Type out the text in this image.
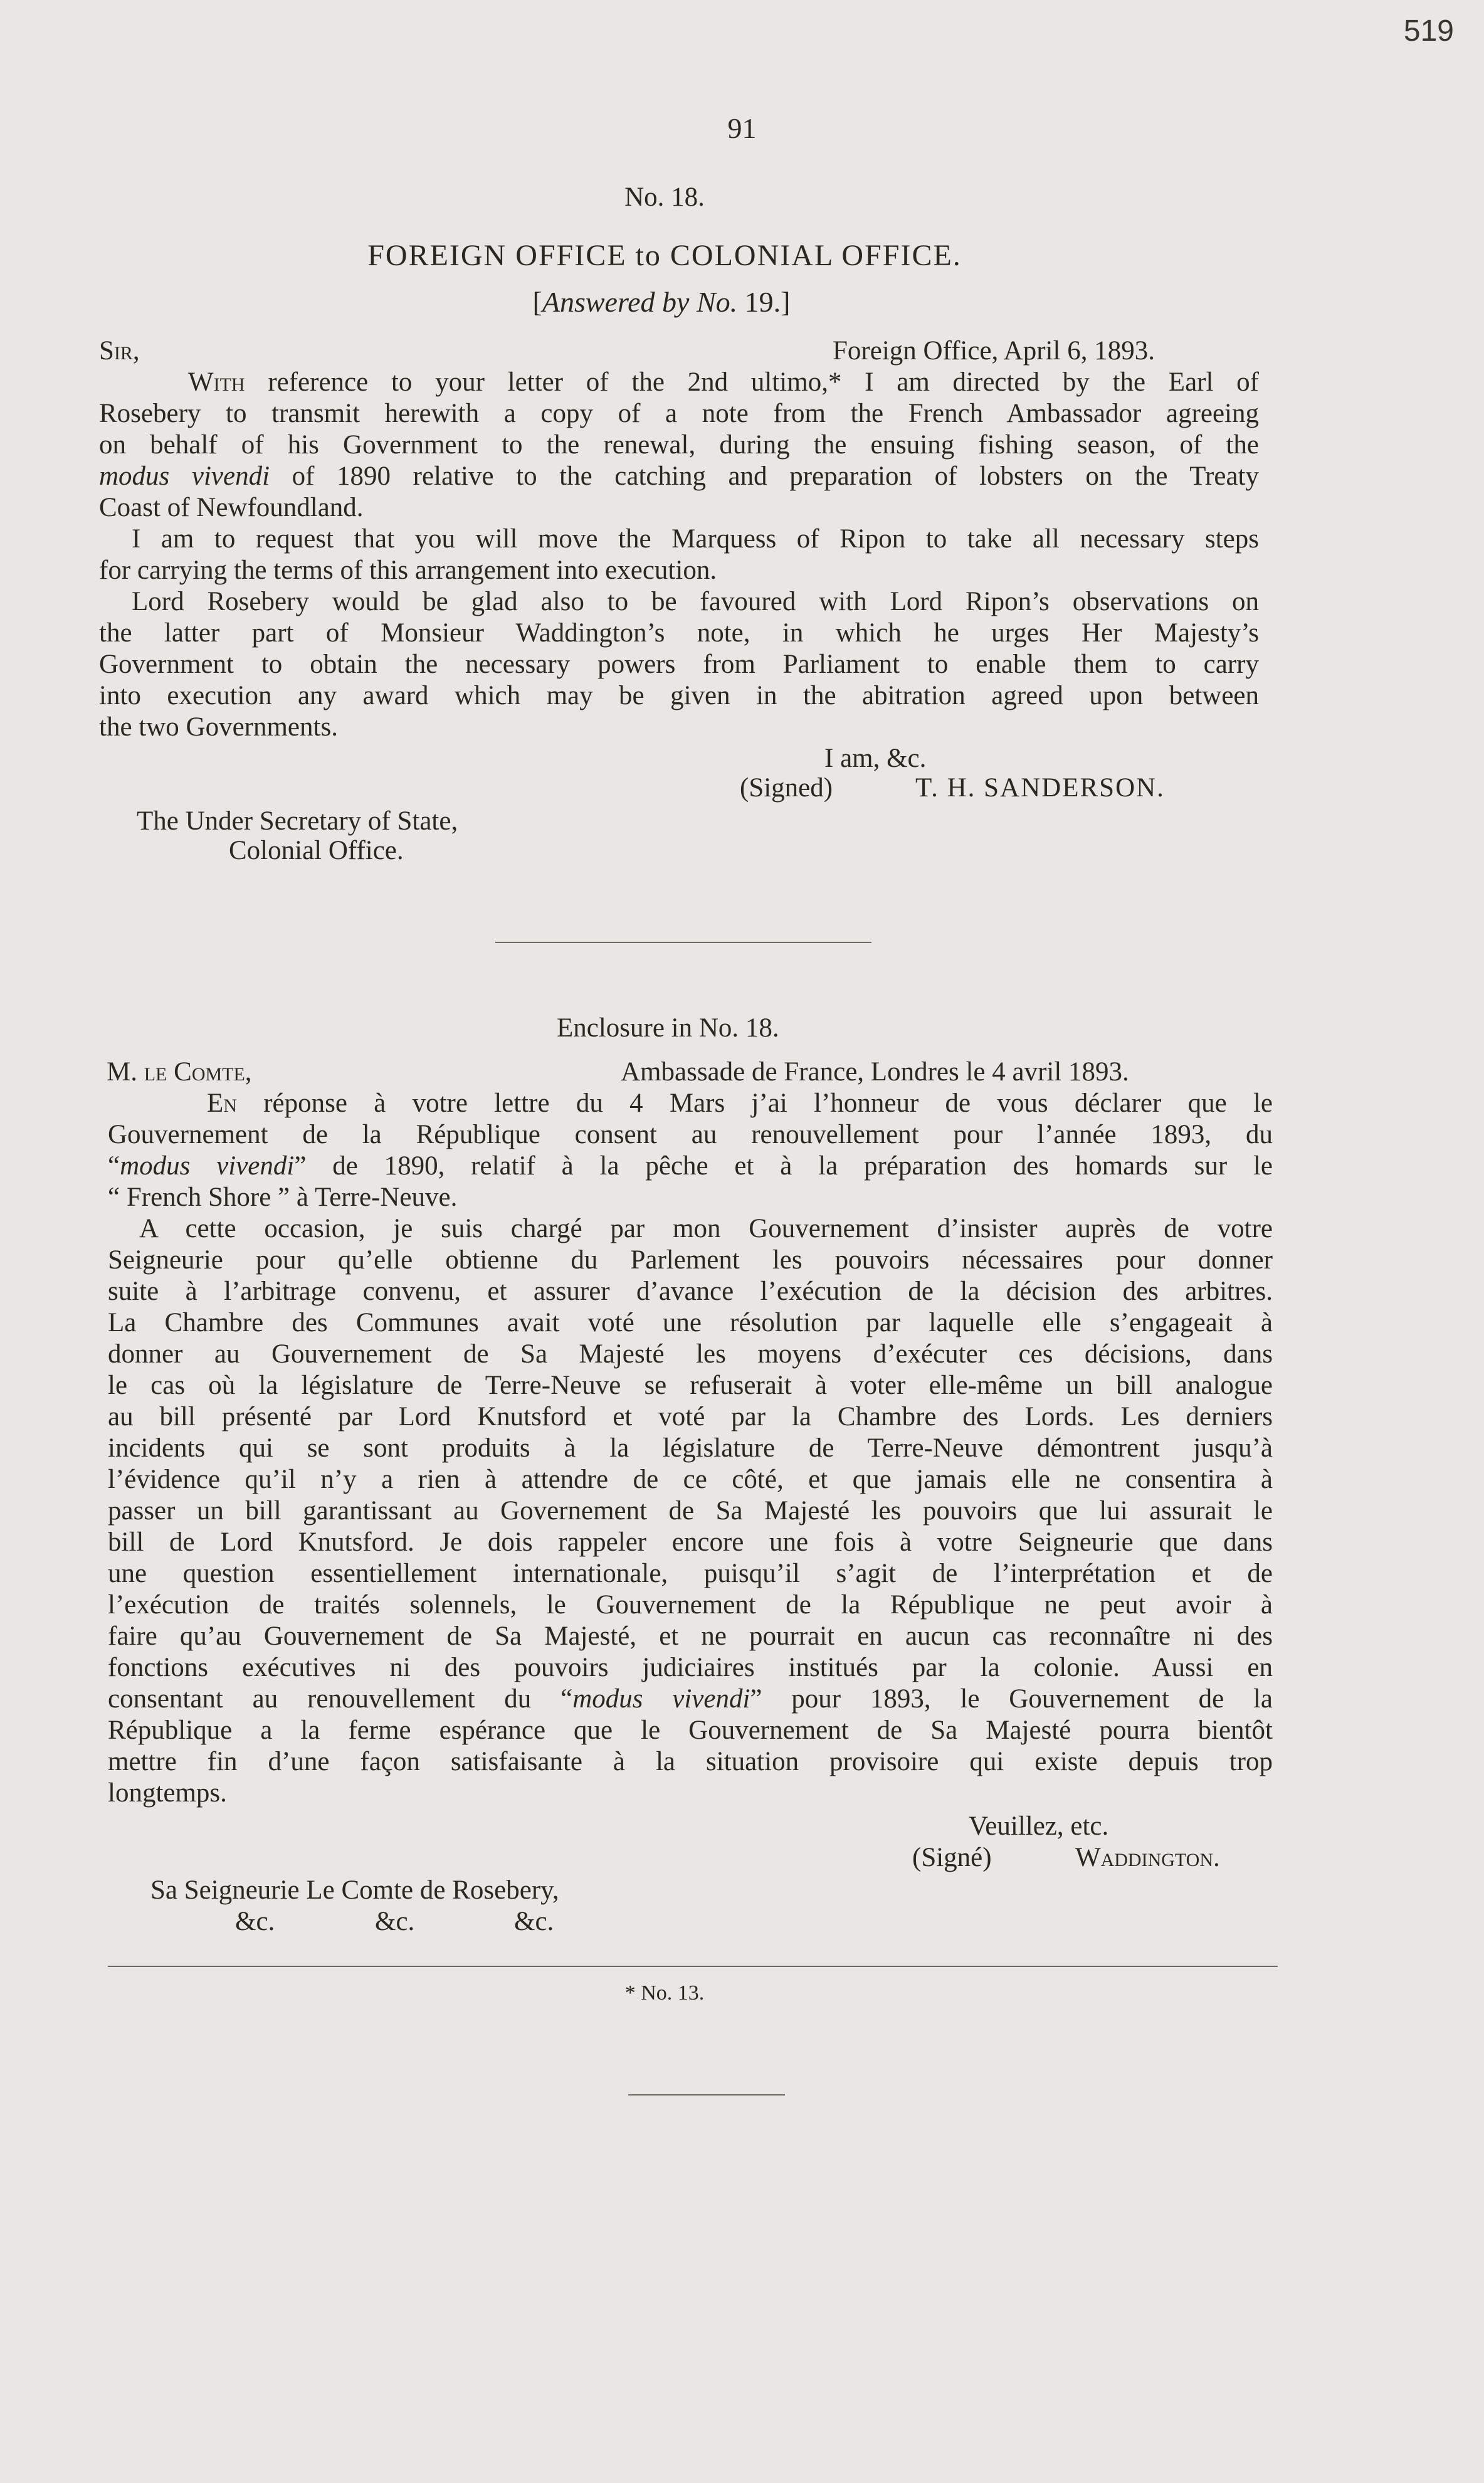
519
91
No. 18.
FOREIGN OFFICE to COLONIAL OFFICE.
[Answered by No. 19.]
Sir,	Foreign Office, April 6, 1893.
With reference to your letter of the 2nd ultimo,* I am directed by the Earl of
Rosebery to transmit herewith a copy of a note from the French Ambassador agreeing
on behalf of his Government to the renewal, during the ensuing fishing season, of the
modus vivendi of 1890 relative to the catching and preparation of lobsters on the Treaty
Coast of Newfoundland.
I am to request that you will move the Marquess of Ripon to take all necessary steps
for carrying the terms of this arrangement into execution.
Lord Rosebery would be glad also to be favoured with Lord Ripon’s observations on
the latter part of Monsieur Waddington’s note, in which he urges Her Majesty’s
Government to obtain the necessary powers from Parliament to enable them to carry
into execution any award which may be given in the abitration agreed upon between
the two Governments.
I am, &c.
(Signed)	T. H. SANDERSON.
The Under Secretary of State,
Colonial Office.
Enclosure in No. 18.
M. le Comte,	Ambassade de France, Londres le 4 avril 1893.
En réponse à votre lettre du 4 Mars j’ai l’honneur de vous déclarer que le
Gouvernement de la République consent au renouvellement pour l’année 1893, du
“modus vivendi” de 1890, relatif à la pêche et à la préparation des homards sur le
“ French Shore ” à Terre-Neuve.
A cette occasion, je suis chargé par mon Gouvernement d’insister auprès de votre
Seigneurie pour qu’elle obtienne du Parlement les pouvoirs nécessaires pour donner
suite à l’arbitrage convenu, et assurer d’avance l’exécution de la décision des arbitres.
La Chambre des Communes avait voté une résolution par laquelle elle s’engageait à
donner au Gouvernement de Sa Majesté les moyens d’exécuter ces décisions, dans
le cas où la législature de Terre-Neuve se refuserait à voter elle-même un bill analogue
au bill présenté par Lord Knutsford et voté par la Chambre des Lords. Les derniers
incidents qui se sont produits à la législature de Terre-Neuve démontrent jusqu’à
l’évidence qu’il n’y a rien à attendre de ce côté, et que jamais elle ne consentira à
passer un bill garantissant au Governement de Sa Majesté les pouvoirs que lui assurait le
bill de Lord Knutsford. Je dois rappeler encore une fois à votre Seigneurie que dans
une question essentiellement internationale, puisqu’il s’agit de l’interprétation et de
l’exécution de traités solennels, le Gouvernement de la République ne peut avoir à
faire qu’au Gouvernement de Sa Majesté, et ne pourrait en aucun cas reconnaître ni des
fonctions exécutives ni des pouvoirs judiciaires institués par la colonie. Aussi en
consentant au renouvellement du “modus vivendi” pour 1893, le Gouvernement de la
République a la ferme espérance que le Gouvernement de Sa Majesté pourra bientôt
mettre fin d’une façon satisfaisante à la situation provisoire qui existe depuis trop
longtemps.
Veuillez, etc.
(Signé)	Waddington.
Sa Seigneurie Le Comte de Rosebery,
&c.	&c.	&c.
* No. 13.
